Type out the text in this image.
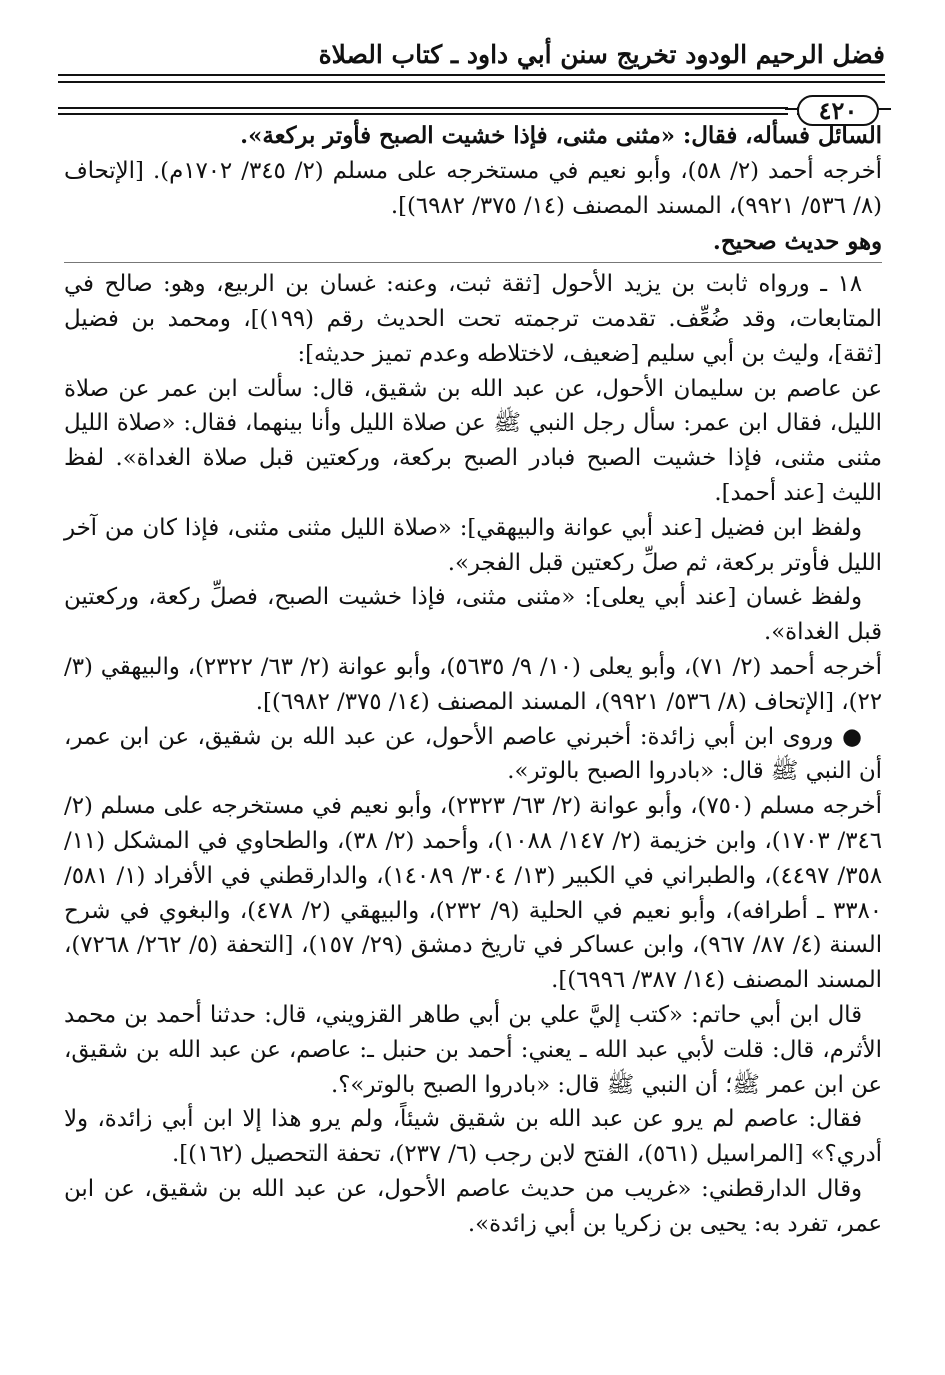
فضل الرحيم الودود تخريج سنن أبي داود ـ كتاب الصلاة
٤٢٠

السائل فسأله، فقال: «مثنى مثنى، فإذا خشيت الصبح فأوتر بركعة».

أخرجه أحمد (٢/ ٥٨)، وأبو نعيم في مستخرجه على مسلم (٢/ ٣٤٥/ ١٧٠٢م). [الإتحاف (٨/ ٥٣٦/ ٩٩٢١)، المسند المصنف (١٤/ ٣٧٥/ ٦٩٨٢)].

وهو حديث صحيح.

١٨ ـ ورواه ثابت بن يزيد الأحول [ثقة ثبت، وعنه: غسان بن الربيع، وهو: صالح في المتابعات، وقد ضُعِّف. تقدمت ترجمته تحت الحديث رقم (١٩٩)]، ومحمد بن فضيل [ثقة]، وليث بن أبي سليم [ضعيف، لاختلاطه وعدم تميز حديثه]:

عن عاصم بن سليمان الأحول، عن عبد الله بن شقيق، قال: سألت ابن عمر عن صلاة الليل، فقال ابن عمر: سأل رجل النبي ﷺ عن صلاة الليل وأنا بينهما، فقال: «صلاة الليل مثنى مثنى، فإذا خشيت الصبح فبادر الصبح بركعة، وركعتين قبل صلاة الغداة». لفظ الليث [عند أحمد].

ولفظ ابن فضيل [عند أبي عوانة والبيهقي]: «صلاة الليل مثنى مثنى، فإذا كان من آخر الليل فأوتر بركعة، ثم صلِّ ركعتين قبل الفجر».

ولفظ غسان [عند أبي يعلى]: «مثنى مثنى، فإذا خشيت الصبح، فصلِّ ركعة، وركعتين قبل الغداة».

أخرجه أحمد (٢/ ٧١)، وأبو يعلى (١٠/ ٩/ ٥٦٣٥)، وأبو عوانة (٢/ ٦٣/ ٢٣٢٢)، والبيهقي (٣/ ٢٢)، [الإتحاف (٨/ ٥٣٦/ ٩٩٢١)، المسند المصنف (١٤/ ٣٧٥/ ٦٩٨٢)].

● وروى ابن أبي زائدة: أخبرني عاصم الأحول، عن عبد الله بن شقيق، عن ابن عمر، أن النبي ﷺ قال: «بادروا الصبح بالوتر».

أخرجه مسلم (٧٥٠)، وأبو عوانة (٢/ ٦٣/ ٢٣٢٣)، وأبو نعيم في مستخرجه على مسلم (٢/ ٣٤٦/ ١٧٠٣)، وابن خزيمة (٢/ ١٤٧/ ١٠٨٨)، وأحمد (٢/ ٣٨)، والطحاوي في المشكل (١١/ ٣٥٨/ ٤٤٩٧)، والطبراني في الكبير (١٣/ ٣٠٤/ ١٤٠٨٩)، والدارقطني في الأفراد (١/ ٥٨١/ ٣٣٨٠ ـ أطرافه)، وأبو نعيم في الحلية (٩/ ٢٣٢)، والبيهقي (٢/ ٤٧٨)، والبغوي في شرح السنة (٤/ ٨٧/ ٩٦٧)، وابن عساكر في تاريخ دمشق (٢٩/ ١٥٧)، [التحفة (٥/ ٢٦٢/ ٧٢٦٨)، المسند المصنف (١٤/ ٣٨٧/ ٦٩٩٦)].

قال ابن أبي حاتم: «كتب إليَّ علي بن أبي طاهر القزويني، قال: حدثنا أحمد بن محمد الأثرم، قال: قلت لأبي عبد الله ـ يعني: أحمد بن حنبل ـ: عاصم، عن عبد الله بن شقيق، عن ابن عمر ﷺ؛ أن النبي ﷺ قال: «بادروا الصبح بالوتر»؟.

فقال: عاصم لم يرو عن عبد الله بن شقيق شيئاً، ولم يرو هذا إلا ابن أبي زائدة، ولا أدري؟» [المراسيل (٥٦١)، الفتح لابن رجب (٦/ ٢٣٧)، تحفة التحصيل (١٦٢)].

وقال الدارقطني: «غريب من حديث عاصم الأحول، عن عبد الله بن شقيق، عن ابن عمر، تفرد به: يحيى بن زكريا بن أبي زائدة».
